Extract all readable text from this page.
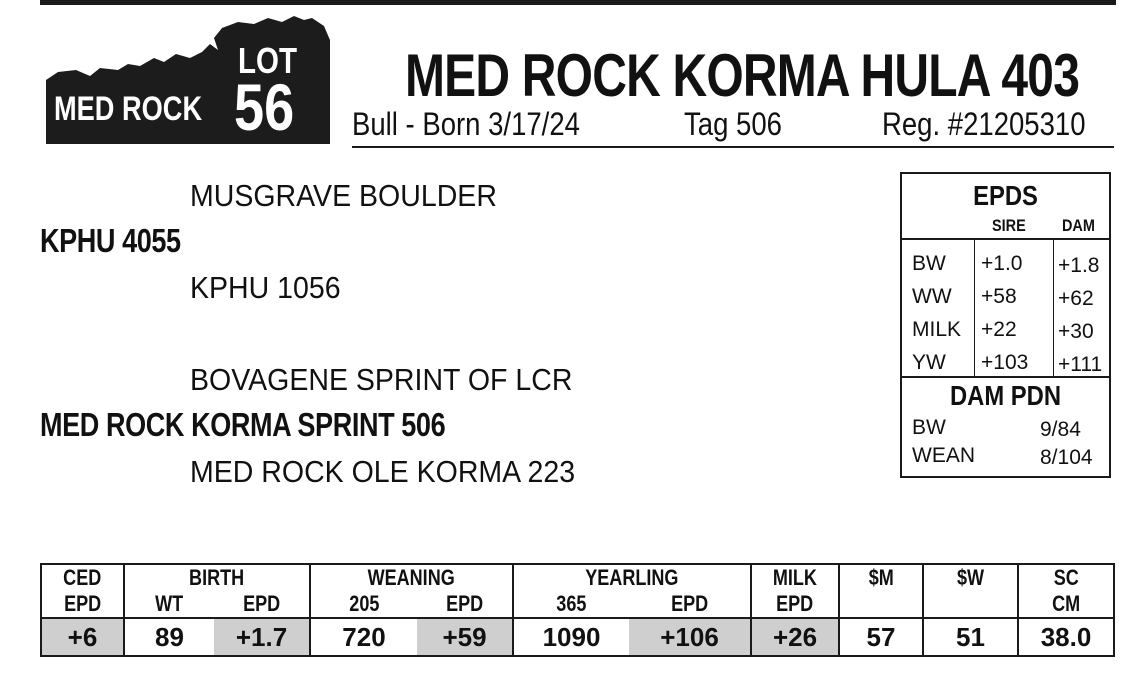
LOT
56
MED ROCK	MED ROCK KORMA HULA 403
Bull - Born 3/17/24	Tag 506	Reg. #21205310
MUSGRAVE BOULDER
KPHU 4055
KPHU 1056
BOVAGENE SPRINT OF LCR
MED ROCK KORMA SPRINT 506
MED ROCK OLE KORMA 223
EPDS
SIRE DAM
BW +1.0 +1.8
WW +58 +62
MILK +22 +30
YW +103 +111
DAM PDN
BW	9/84
WEAN	8/104
CED	BIRTH		WEANING		YEARLING		MILK	$M	$W	SC
EPD	WT	EPD	205	EPD	365	EPD	EPD			CM
+6	89	+1.7	720	+59	1090	+106	+26	57	51	38.0
